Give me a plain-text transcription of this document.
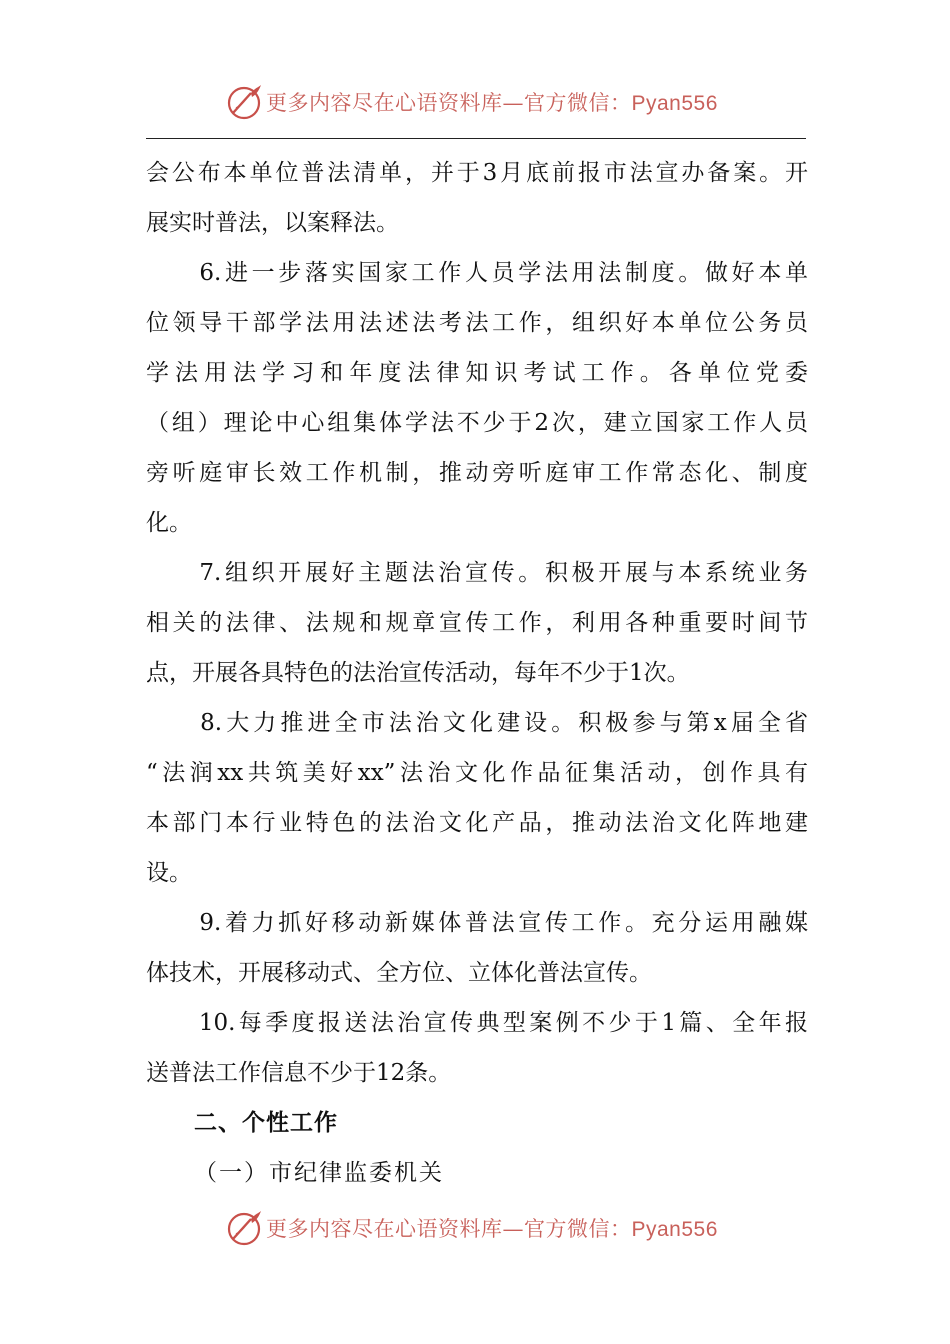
更多内容尽在心语资料库—官方微信：Pyan556
会公布本单位普法清单，并于3月底前报市法宣办备案。开
展实时普法，以案释法。
　　6.进一步落实国家工作人员学法用法制度。做好本单
位领导干部学法用法述法考法工作，组织好本单位公务员
学法用法学习和年度法律知识考试工作。各单位党委
（组）理论中心组集体学法不少于2次，建立国家工作人员
旁听庭审长效工作机制，推动旁听庭审工作常态化、制度
化。
　　7.组织开展好主题法治宣传。积极开展与本系统业务
相关的法律、法规和规章宣传工作，利用各种重要时间节
点，开展各具特色的法治宣传活动，每年不少于1次。
　　8.大力推进全市法治文化建设。积极参与第x届全省
“法润xx共筑美好xx”法治文化作品征集活动，创作具有
本部门本行业特色的法治文化产品，推动法治文化阵地建
设。
　　9.着力抓好移动新媒体普法宣传工作。充分运用融媒
体技术，开展移动式、全方位、立体化普法宣传。
　　10.每季度报送法治宣传典型案例不少于1篇、全年报
送普法工作信息不少于12条。
二、个性工作
（一）市纪律监委机关
更多内容尽在心语资料库—官方微信：Pyan556
